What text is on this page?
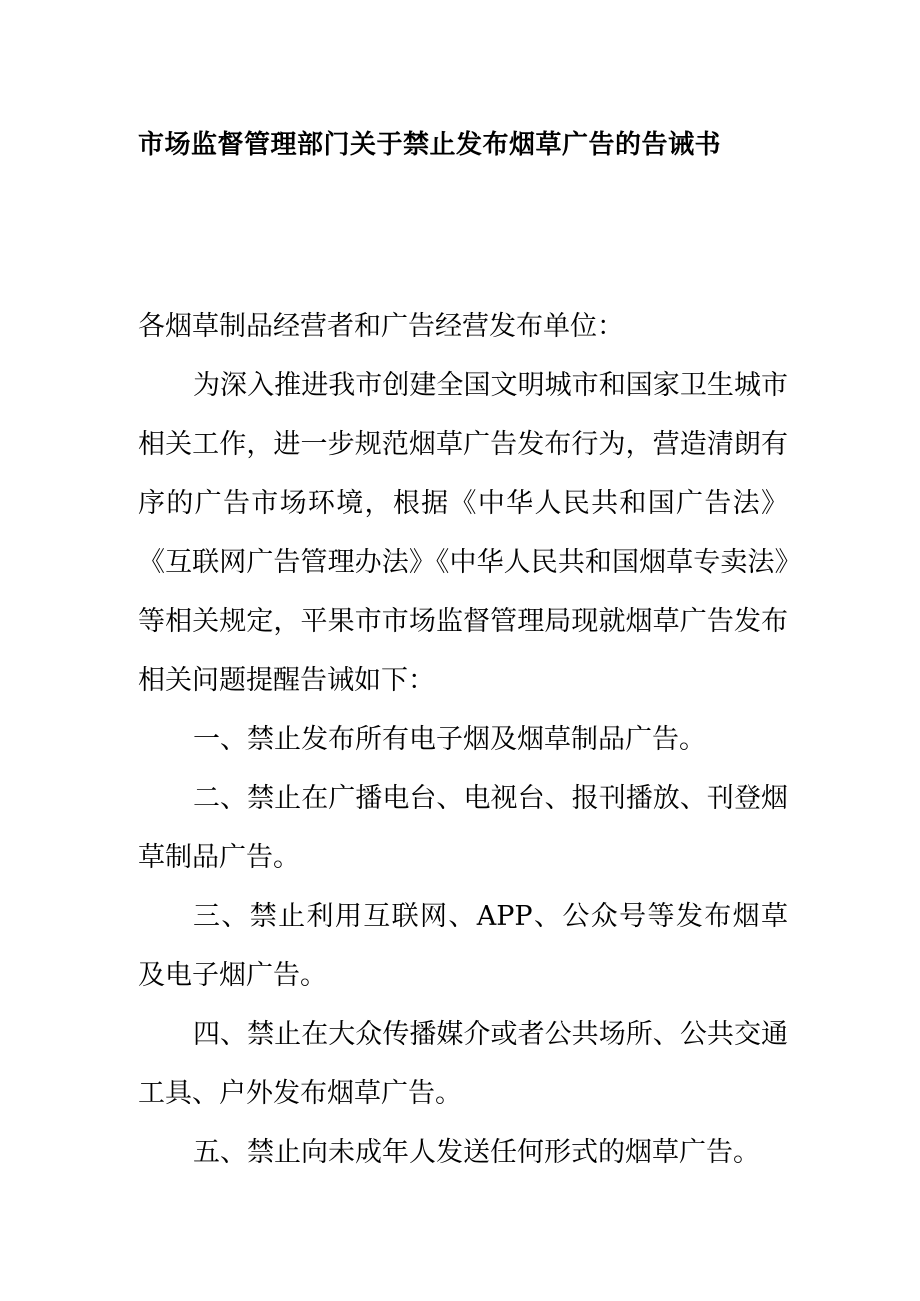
市场监督管理部门关于禁止发布烟草广告的告诫书

各烟草制品经营者和广告经营发布单位：

为深入推进我市创建全国文明城市和国家卫生城市相关工作，进一步规范烟草广告发布行为，营造清朗有序的广告市场环境，根据《中华人民共和国广告法》《互联网广告管理办法》《中华人民共和国烟草专卖法》等相关规定，平果市市场监督管理局现就烟草广告发布相关问题提醒告诫如下：

一、禁止发布所有电子烟及烟草制品广告。

二、禁止在广播电台、电视台、报刊播放、刊登烟草制品广告。

三、禁止利用互联网、APP、公众号等发布烟草及电子烟广告。

四、禁止在大众传播媒介或者公共场所、公共交通工具、户外发布烟草广告。

五、禁止向未成年人发送任何形式的烟草广告。
